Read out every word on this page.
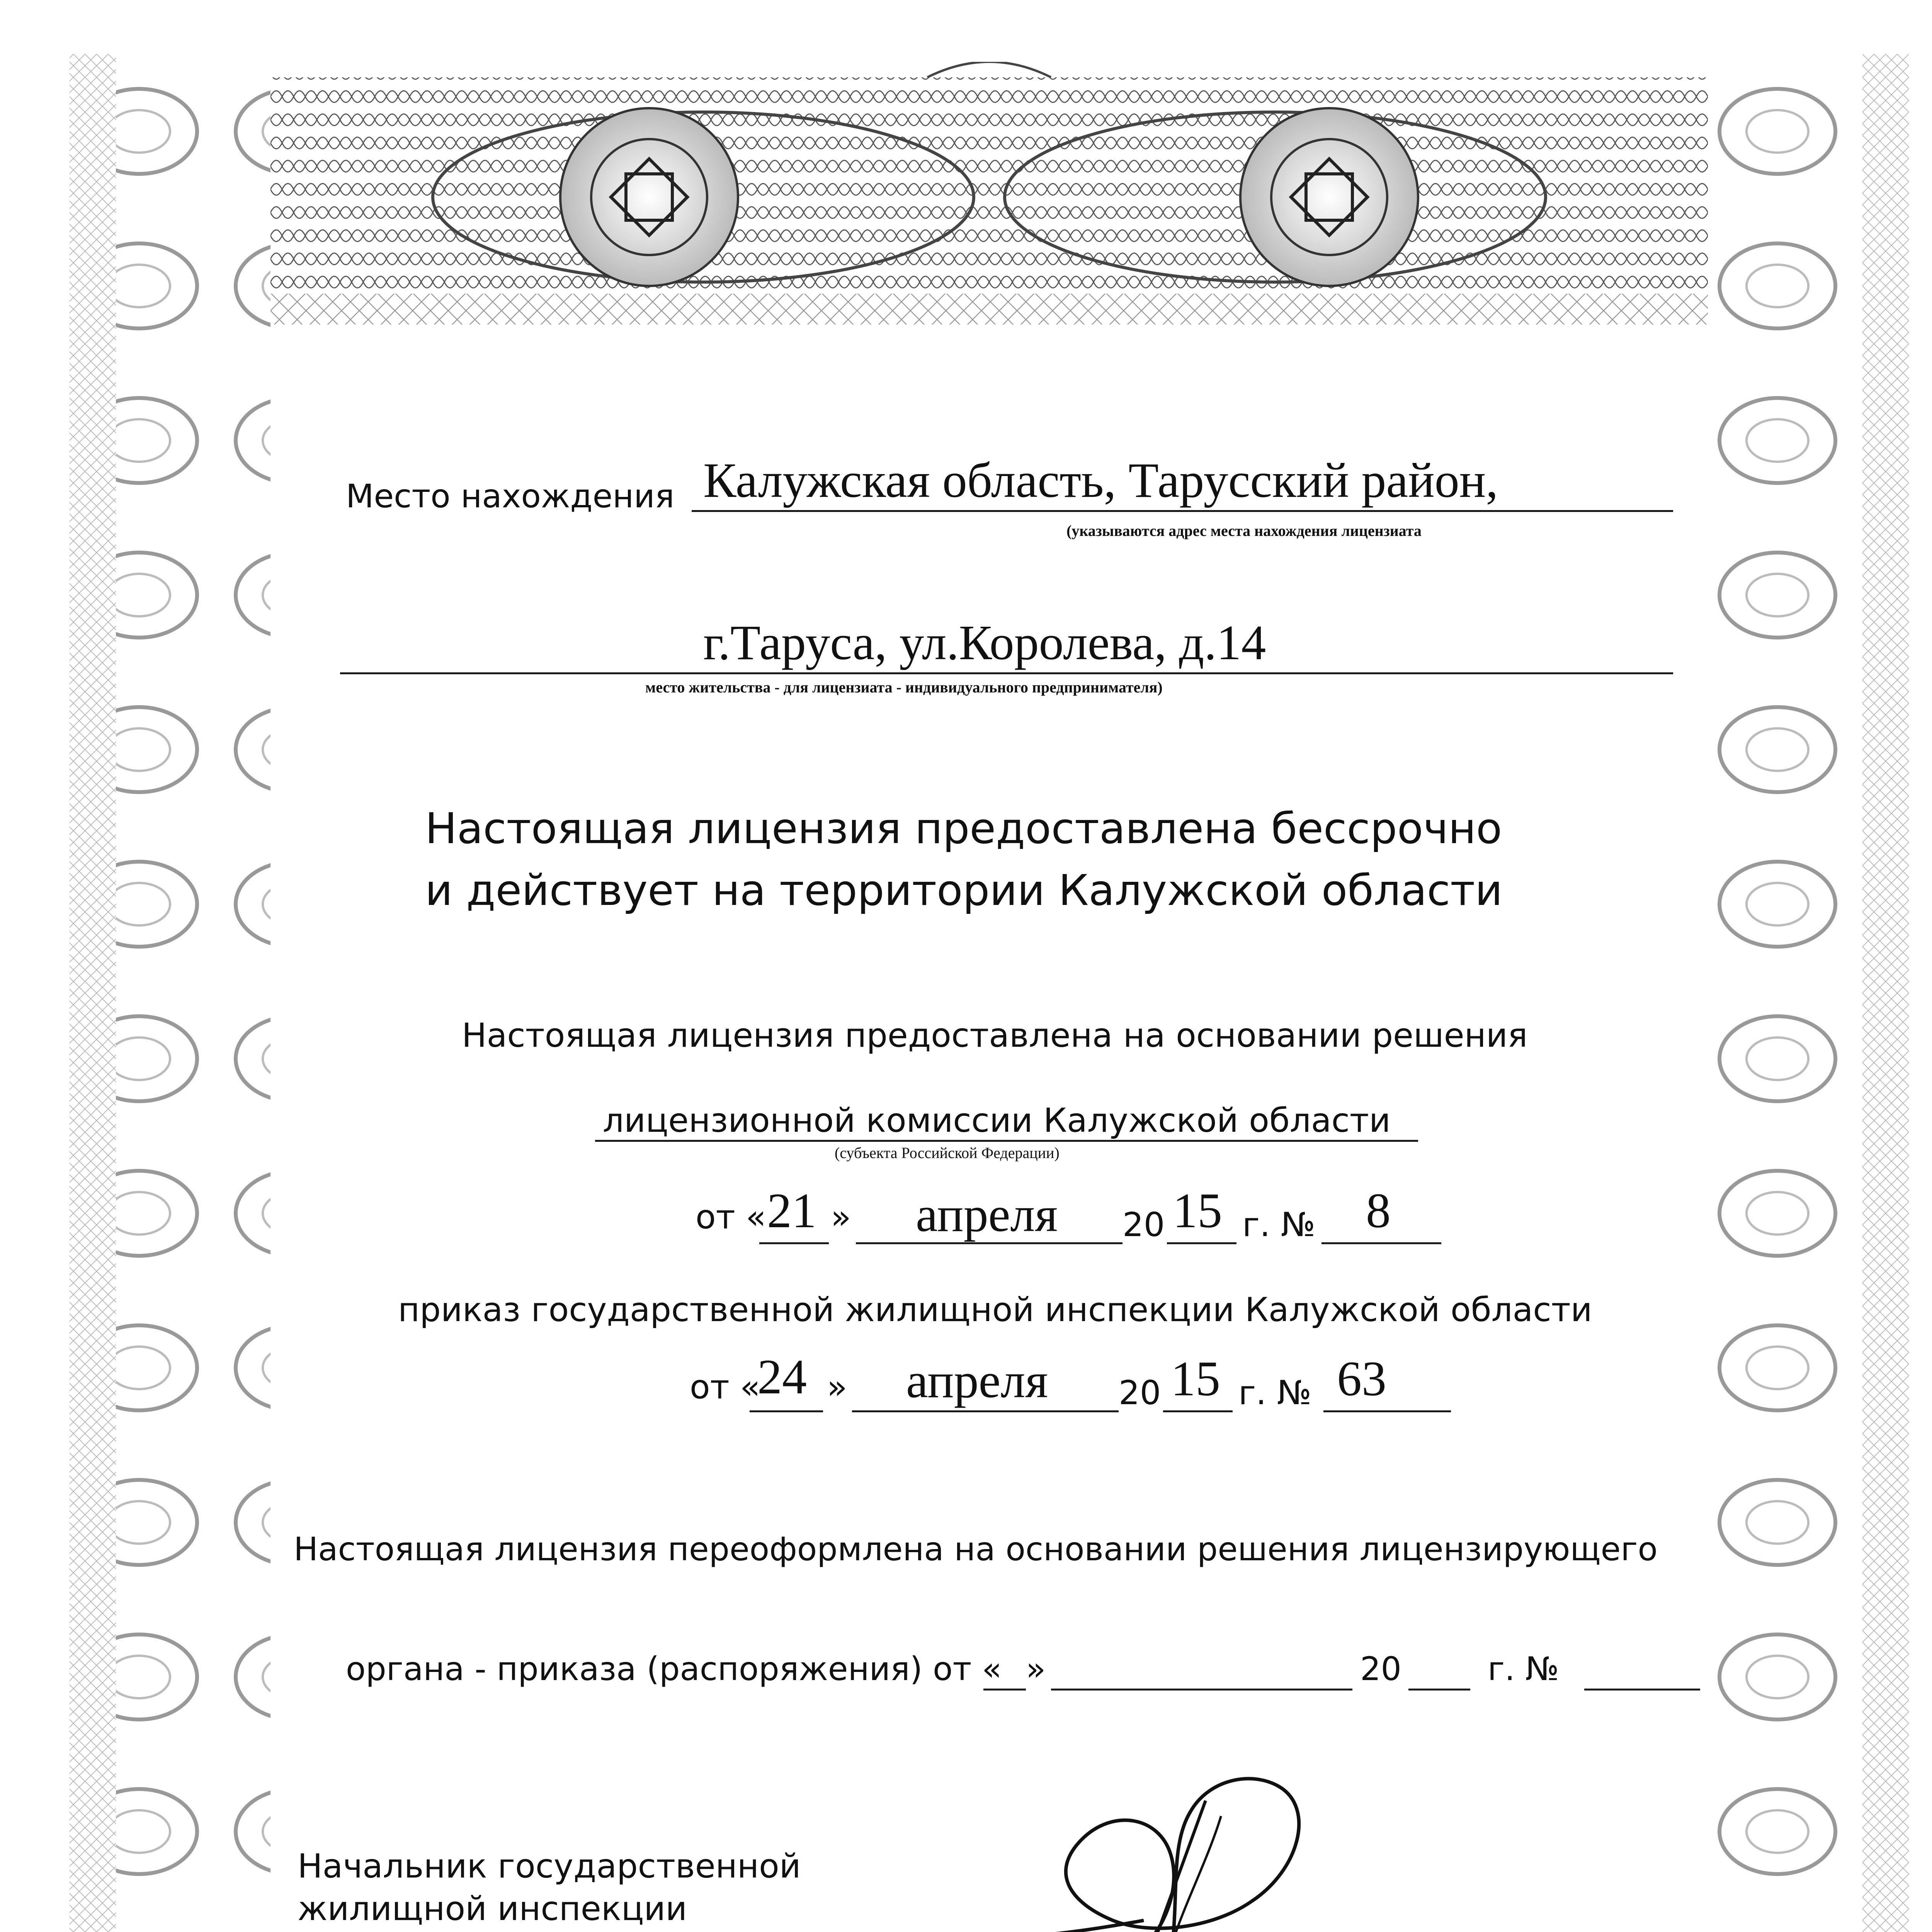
Место нахождения Калужская область, Тарусский район,
(указываются адрес места нахождения лицензиата
г.Таруса, ул.Королева, д.14
место жительства - для лицензиата - индивидуального предпринимателя)
Настоящая лицензия предоставлена бессрочно
и действует на территории Калужской области
Настоящая лицензия предоставлена на основании решения
лицензионной комиссии Калужской области
(субъекта Российской Федерации)
от « 21 » апреля 20 15 г. № 8
приказ государственной жилищной инспекции Калужской области
от «
24 » апреля 20 15 г. № 63
Настоящая лицензия переоформлена на основании решения лицензирующего
органа - приказа (распоряжения) от « »	20	г. №
Начальник государственной
жилищной инспекции
